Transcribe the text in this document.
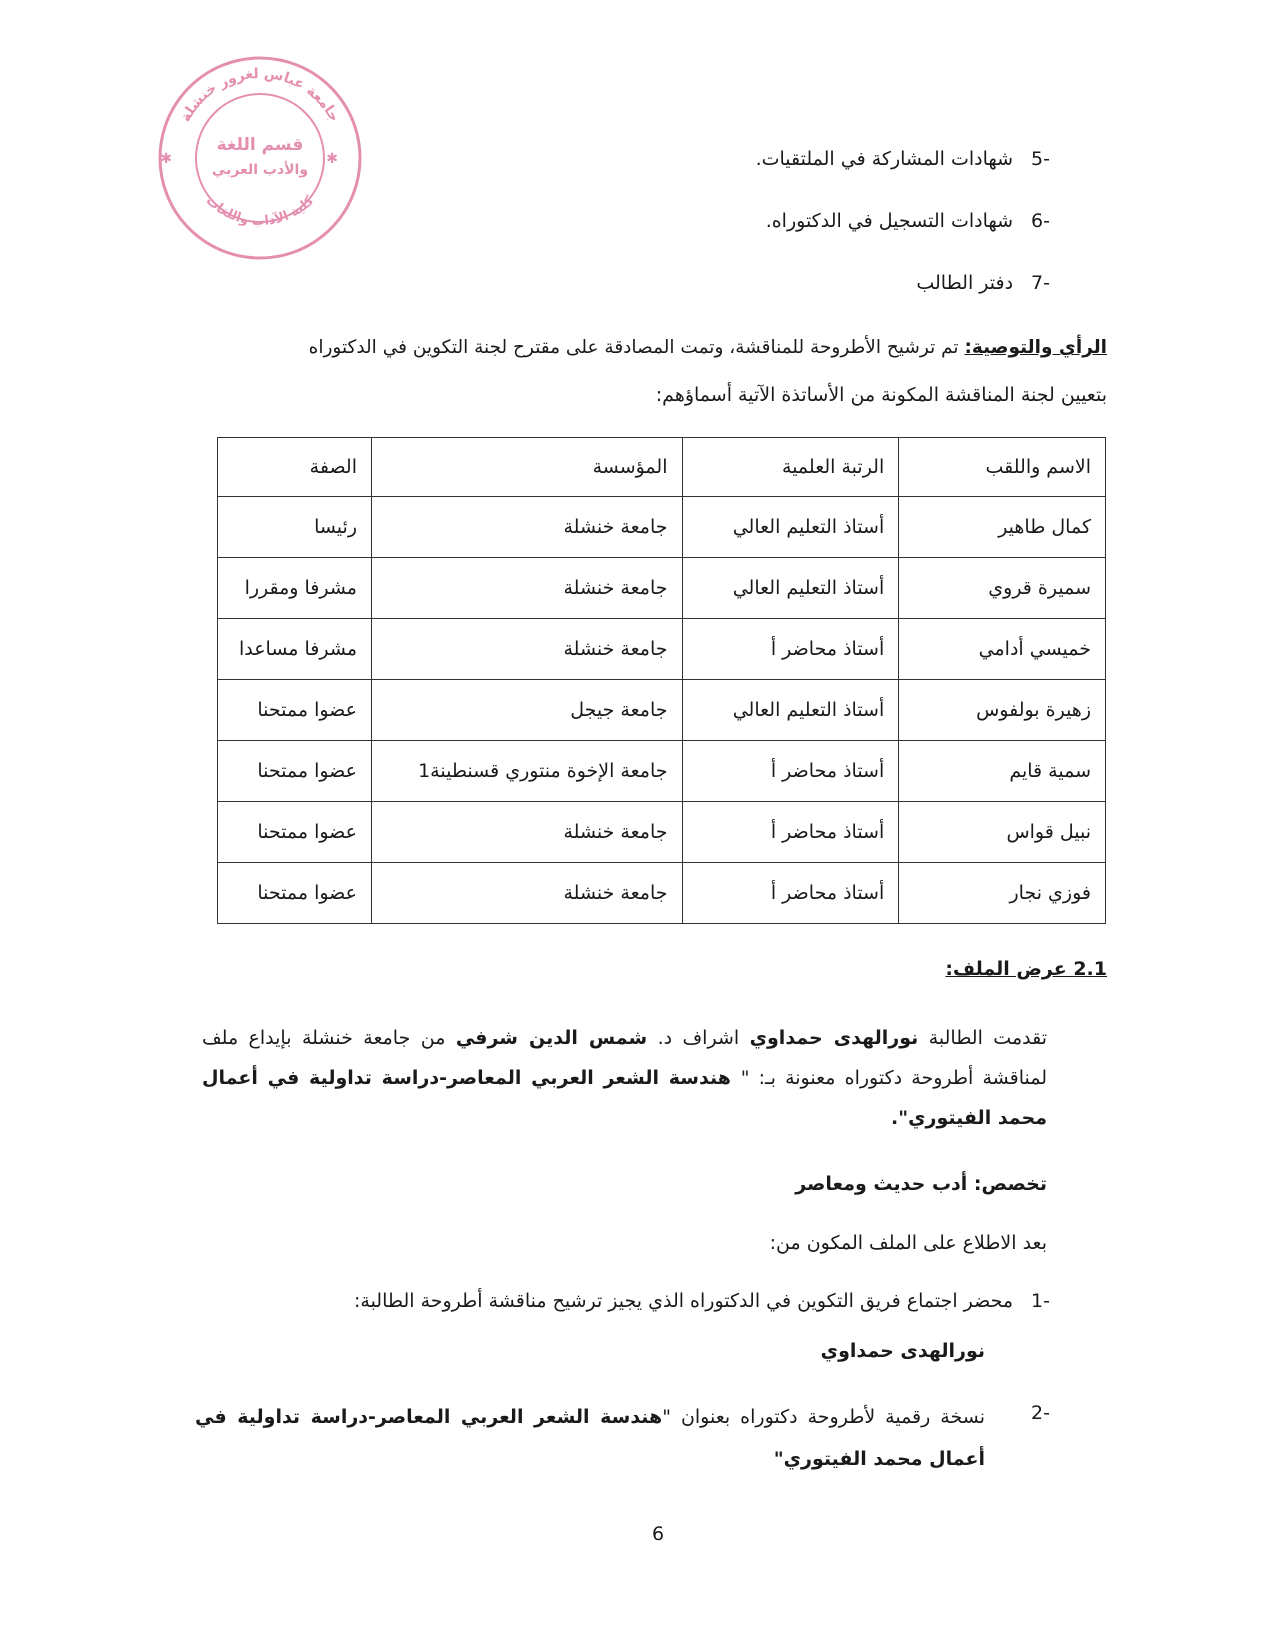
جامعة عباس لغرور خنشلة
كلية الآداب واللغات
قسم اللغة
والأدب العربي
✱	✱	-5شهادات المشاركة في الملتقيات.
-6شهادات التسجيل في الدكتوراه.
-7دفتر الطالب
الرأي والتوصية: تم ترشيح الأطروحة للمناقشة، وتمت المصادقة على مقترح لجنة التكوين في الدكتوراه
بتعيين لجنة المناقشة المكونة من الأساتذة الآتية أسماؤهم:
الاسم واللقب	الرتبة العلمية	المؤسسة	الصفة
كمال طاهير	أستاذ التعليم العالي	جامعة خنشلة	رئيسا
سميرة قروي	أستاذ التعليم العالي	جامعة خنشلة	مشرفا ومقررا
خميسي أدامي	أستاذ محاضر أ	جامعة خنشلة	مشرفا مساعدا
زهيرة بولفوس	أستاذ التعليم العالي	جامعة جيجل	عضوا ممتحنا
سمية قايم	أستاذ محاضر أ	جامعة الإخوة منتوري قسنطينة1	عضوا ممتحنا
نبيل قواس	أستاذ محاضر أ	جامعة خنشلة	عضوا ممتحنا
فوزي نجار	أستاذ محاضر أ	جامعة خنشلة	عضوا ممتحنا
2.1 عرض الملف:
تقدمت الطالبة نورالهدى حمداوي اشراف د. شمس الدين شرفي من جامعة خنشلة بإيداع ملف لمناقشة أطروحة دكتوراه معنونة بـ: " هندسة الشعر العربي المعاصر-دراسة تداولية في أعمال محمد الفيتوري".
تخصص: أدب حديث ومعاصر
بعد الاطلاع على الملف المكون من:
-1محضر اجتماع فريق التكوين في الدكتوراه الذي يجيز ترشيح مناقشة أطروحة الطالبة:
نورالهدى حمداوي
-2
نسخة رقمية لأطروحة دكتوراه بعنوان "هندسة الشعر العربي المعاصر-دراسة تداولية في أعمال محمد الفيتوري"
6
